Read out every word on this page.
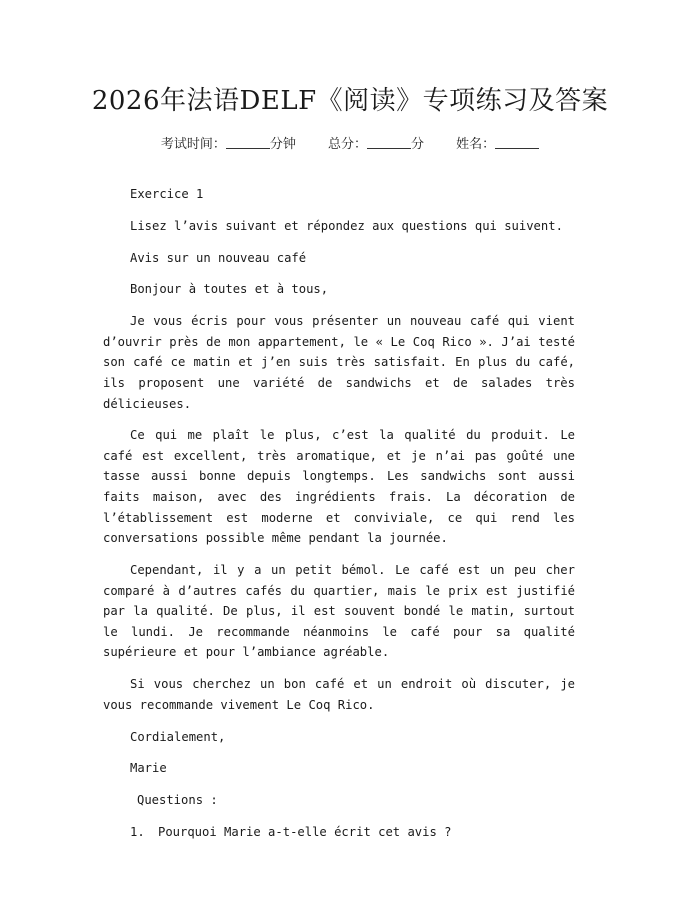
2026年法语DELF《阅读》专项练习及答案
考试时间：	分钟 总分：	分 姓名：

Exercice 1

Lisez l’avis suivant et répondez aux questions qui suivent.

Avis sur un nouveau café

Bonjour à toutes et à tous,

Je vous écris pour vous présenter un nouveau café qui vient d’ouvrir près de mon appartement, le « Le Coq Rico ». J’ai testé son café ce matin et j’en suis très satisfait. En plus du café, ils proposent une variété de sandwichs et de salades très délicieuses.

Ce qui me plaît le plus, c’est la qualité du produit. Le café est excellent, très aromatique, et je n’ai pas goûté une tasse aussi bonne depuis longtemps. Les sandwichs sont aussi faits maison, avec des ingrédients frais. La décoration de l’établissement est moderne et conviviale, ce qui rend les conversations possible même pendant la journée.

Cependant, il y a un petit bémol. Le café est un peu cher comparé à d’autres cafés du quartier, mais le prix est justifié par la qualité. De plus, il est souvent bondé le matin, surtout le lundi. Je recommande néanmoins le café pour sa qualité supérieure et pour l’ambiance agréable.

Si vous cherchez un bon café et un endroit où discuter, je vous recommande vivement Le Coq Rico.

Cordialement,

Marie

Questions :

1. Pourquoi Marie a-t-elle écrit cet avis ?
